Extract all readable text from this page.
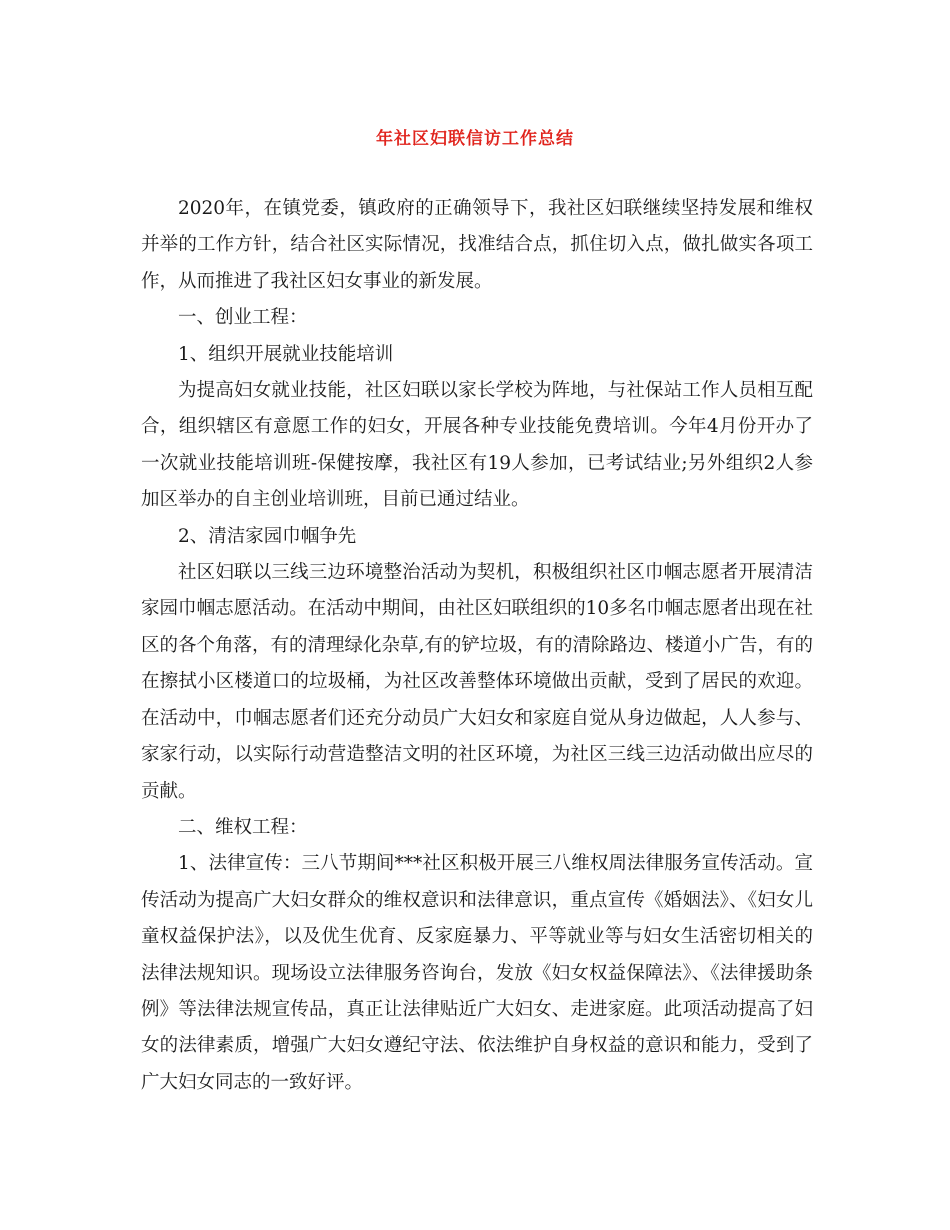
年社区妇联信访工作总结

2020年，在镇党委，镇政府的正确领导下，我社区妇联继续坚持发展和维权并举的工作方针，结合社区实际情况，找准结合点，抓住切入点，做扎做实各项工作，从而推进了我社区妇女事业的新发展。

一、创业工程：

1、组织开展就业技能培训

为提高妇女就业技能，社区妇联以家长学校为阵地，与社保站工作人员相互配合，组织辖区有意愿工作的妇女，开展各种专业技能免费培训。今年4月份开办了一次就业技能培训班-保健按摩，我社区有19人参加，已考试结业;另外组织2人参加区举办的自主创业培训班，目前已通过结业。

2、清洁家园巾帼争先

社区妇联以三线三边环境整治活动为契机，积极组织社区巾帼志愿者开展清洁家园巾帼志愿活动。在活动中期间，由社区妇联组织的10多名巾帼志愿者出现在社区的各个角落，有的清理绿化杂草,有的铲垃圾，有的清除路边、楼道小广告，有的在擦拭小区楼道口的垃圾桶，为社区改善整体环境做出贡献，受到了居民的欢迎。在活动中，巾帼志愿者们还充分动员广大妇女和家庭自觉从身边做起，人人参与、家家行动，以实际行动营造整洁文明的社区环境，为社区三线三边活动做出应尽的贡献。

二、维权工程：

1、法律宣传：三八节期间***社区积极开展三八维权周法律服务宣传活动。宣传活动为提高广大妇女群众的维权意识和法律意识，重点宣传《婚姻法》、《妇女儿童权益保护法》，以及优生优育、反家庭暴力、平等就业等与妇女生活密切相关的法律法规知识。现场设立法律服务咨询台，发放《妇女权益保障法》、《法律援助条例》等法律法规宣传品，真正让法律贴近广大妇女、走进家庭。此项活动提高了妇女的法律素质，增强广大妇女遵纪守法、依法维护自身权益的意识和能力，受到了广大妇女同志的一致好评。
